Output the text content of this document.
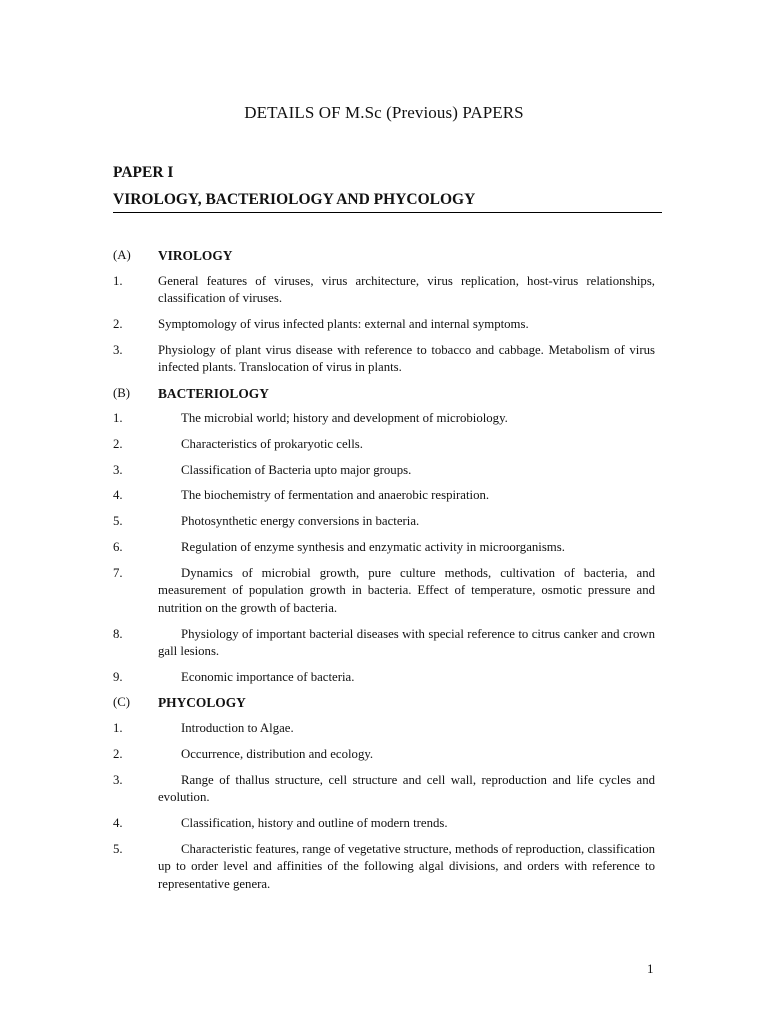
DETAILS OF M.Sc (Previous) PAPERS
PAPER I
VIROLOGY, BACTERIOLOGY AND PHYCOLOGY
(A) VIROLOGY
1.	General features of viruses, virus architecture, virus replication, host-virus relationships, classification of viruses.
2.	Symptomology of virus infected plants: external and internal symptoms.
3.	Physiology of plant virus disease with reference to tobacco and cabbage. Metabolism of virus infected plants. Translocation of virus in plants.
(B) BACTERIOLOGY
1.	The microbial world; history and development of microbiology.
2.	Characteristics of prokaryotic cells.
3.	Classification of Bacteria upto major groups.
4.	The biochemistry of fermentation and anaerobic respiration.
5.	Photosynthetic energy conversions in bacteria.
6.	Regulation of enzyme synthesis and enzymatic activity in microorganisms.
7.	Dynamics of microbial growth, pure culture methods, cultivation of bacteria, and measurement of population growth in bacteria. Effect of temperature, osmotic pressure and nutrition on the growth of bacteria.
8.	Physiology of important bacterial diseases with special reference to citrus canker and crown gall lesions.
9.	Economic importance of bacteria.
(C) PHYCOLOGY
1.	Introduction to Algae.
2.	Occurrence, distribution and ecology.
3.	Range of thallus structure, cell structure and cell wall, reproduction and life cycles and evolution.
4.	Classification, history and outline of modern trends.
5.	Characteristic features, range of vegetative structure, methods of reproduction, classification up to order level and affinities of the following algal divisions, and orders with reference to representative genera.
1
